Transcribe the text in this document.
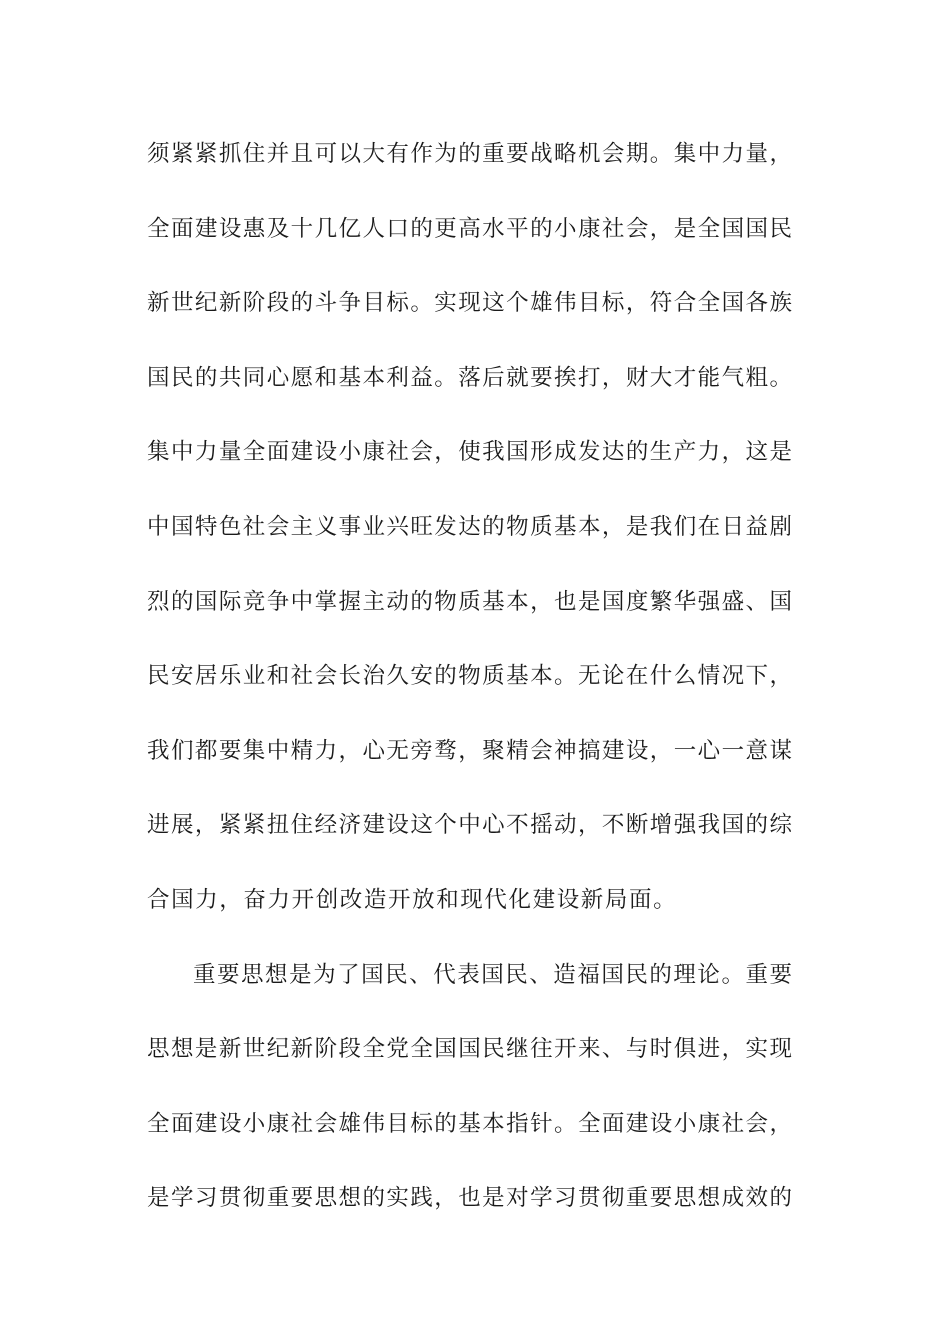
须紧紧抓住并且可以大有作为的重要战略机会期。集中力量，
全面建设惠及十几亿人口的更高水平的小康社会，是全国国民
新世纪新阶段的斗争目标。实现这个雄伟目标，符合全国各族
国民的共同心愿和基本利益。落后就要挨打，财大才能气粗。
集中力量全面建设小康社会，使我国形成发达的生产力，这是
中国特色社会主义事业兴旺发达的物质基本，是我们在日益剧
烈的国际竞争中掌握主动的物质基本，也是国度繁华强盛、国
民安居乐业和社会长治久安的物质基本。无论在什么情况下，
我们都要集中精力，心无旁骛，聚精会神搞建设，一心一意谋
进展，紧紧扭住经济建设这个中心不摇动，不断增强我国的综
合国力，奋力开创改造开放和现代化建设新局面。
重要思想是为了国民、代表国民、造福国民的理论。重要
思想是新世纪新阶段全党全国国民继往开来、与时俱进，实现
全面建设小康社会雄伟目标的基本指针。全面建设小康社会，
是学习贯彻重要思想的实践，也是对学习贯彻重要思想成效的
